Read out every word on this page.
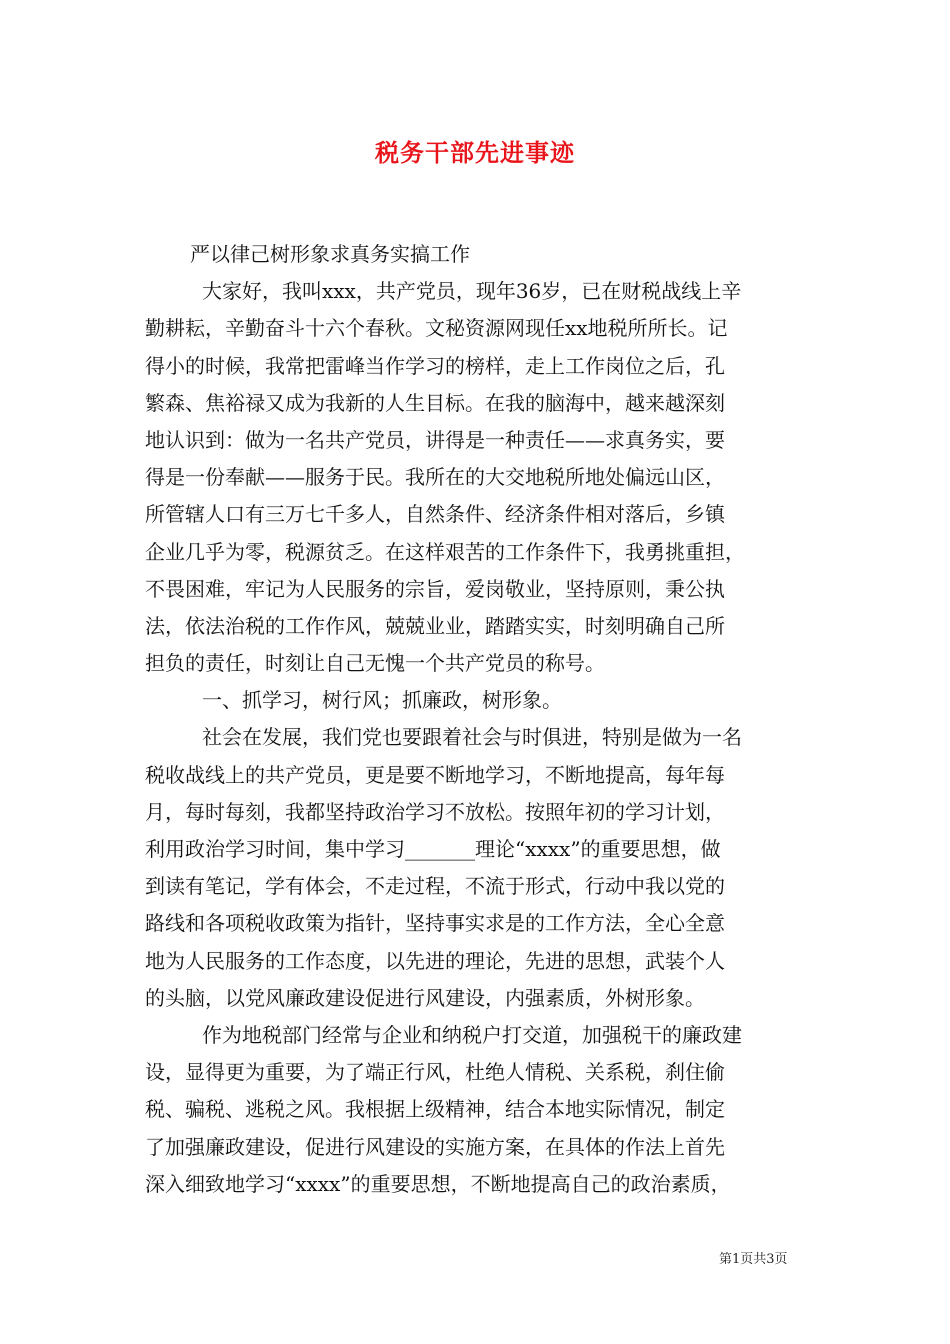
税务干部先进事迹
严以律己树形象求真务实搞工作
大家好，我叫xxx，共产党员，现年36岁，已在财税战线上辛
勤耕耘，辛勤奋斗十六个春秋。文秘资源网现任xx地税所所长。记
得小的时候，我常把雷峰当作学习的榜样，走上工作岗位之后，孔
繁森、焦裕禄又成为我新的人生目标。在我的脑海中，越来越深刻
地认识到：做为一名共产党员，讲得是一种责任——求真务实，要
得是一份奉献——服务于民。我所在的大交地税所地处偏远山区，
所管辖人口有三万七千多人，自然条件、经济条件相对落后，乡镇
企业几乎为零，税源贫乏。在这样艰苦的工作条件下，我勇挑重担，
不畏困难，牢记为人民服务的宗旨，爱岗敬业，坚持原则，秉公执
法，依法治税的工作作风，兢兢业业，踏踏实实，时刻明确自己所
担负的责任，时刻让自己无愧一个共产党员的称号。
一、抓学习，树行风；抓廉政，树形象。
社会在发展，我们党也要跟着社会与时俱进，特别是做为一名
税收战线上的共产党员，更是要不断地学习，不断地提高，每年每
月，每时每刻，我都坚持政治学习不放松。按照年初的学习计划，
利用政治学习时间，集中学习_______理论“xxxx”的重要思想，做
到读有笔记，学有体会，不走过程，不流于形式，行动中我以党的
路线和各项税收政策为指针，坚持事实求是的工作方法，全心全意
地为人民服务的工作态度，以先进的理论，先进的思想，武装个人
的头脑，以党风廉政建设促进行风建设，内强素质，外树形象。
作为地税部门经常与企业和纳税户打交道，加强税干的廉政建
设，显得更为重要，为了端正行风，杜绝人情税、关系税，刹住偷
税、骗税、逃税之风。我根据上级精神，结合本地实际情况，制定
了加强廉政建设，促进行风建设的实施方案，在具体的作法上首先
深入细致地学习“xxxx”的重要思想，不断地提高自己的政治素质，
第1页共3页
